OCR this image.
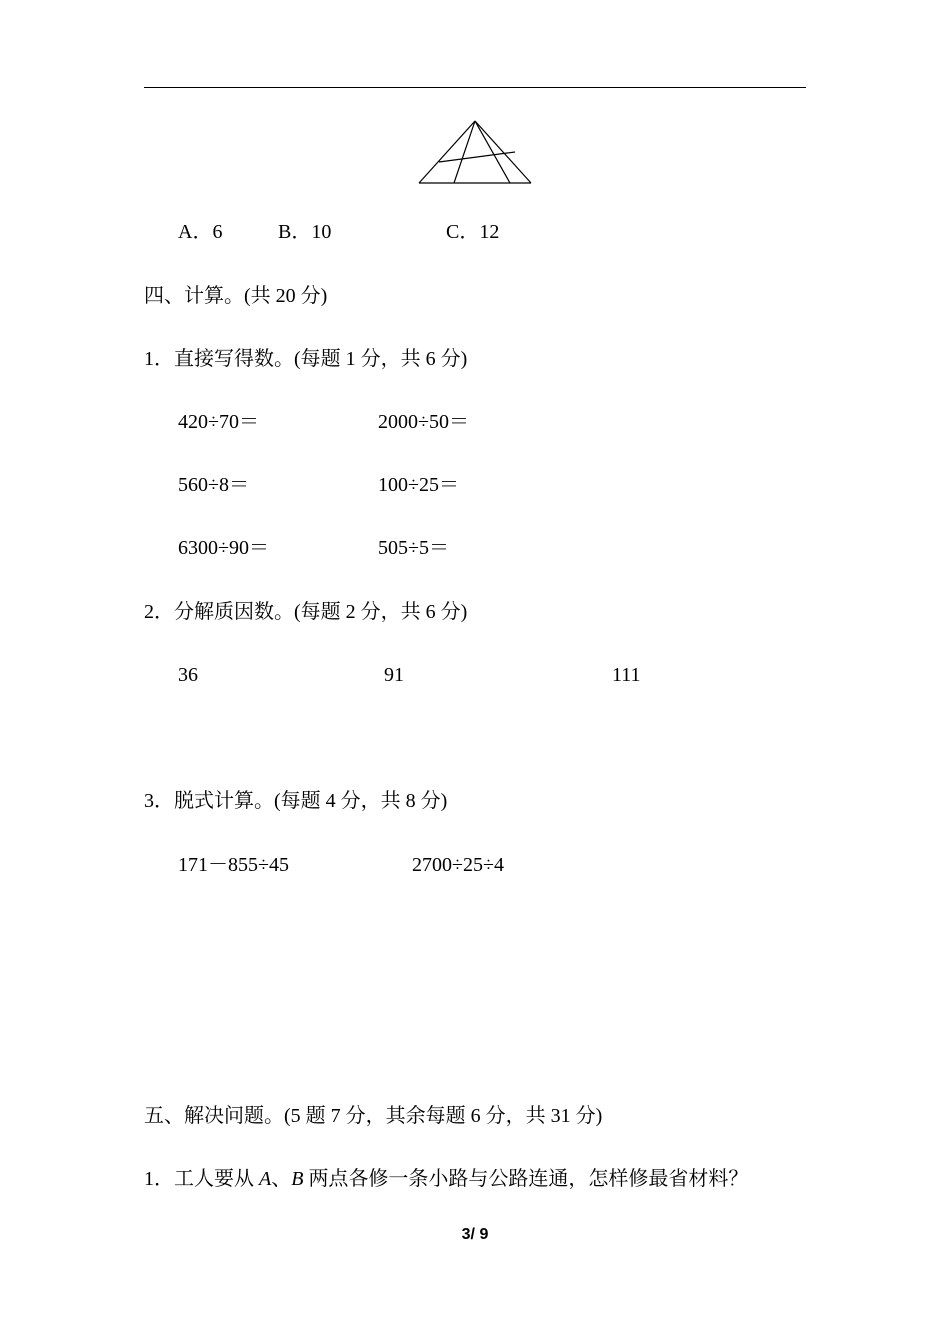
A．6	B．10	C．12
四、计算。(共 20 分)
1．直接写得数。(每题 1 分，共 6 分)
420÷70＝	2000÷50＝
560÷8＝	100÷25＝
6300÷90＝	505÷5＝
2．分解质因数。(每题 2 分，共 6 分)
36	91	111
3．脱式计算。(每题 4 分，共 8 分)
171－855÷45	2700÷25÷4
五、解决问题。(5 题 7 分，其余每题 6 分，共 31 分)
1．工人要从 A、B 两点各修一条小路与公路连通，怎样修最省材料？
3/ 9
